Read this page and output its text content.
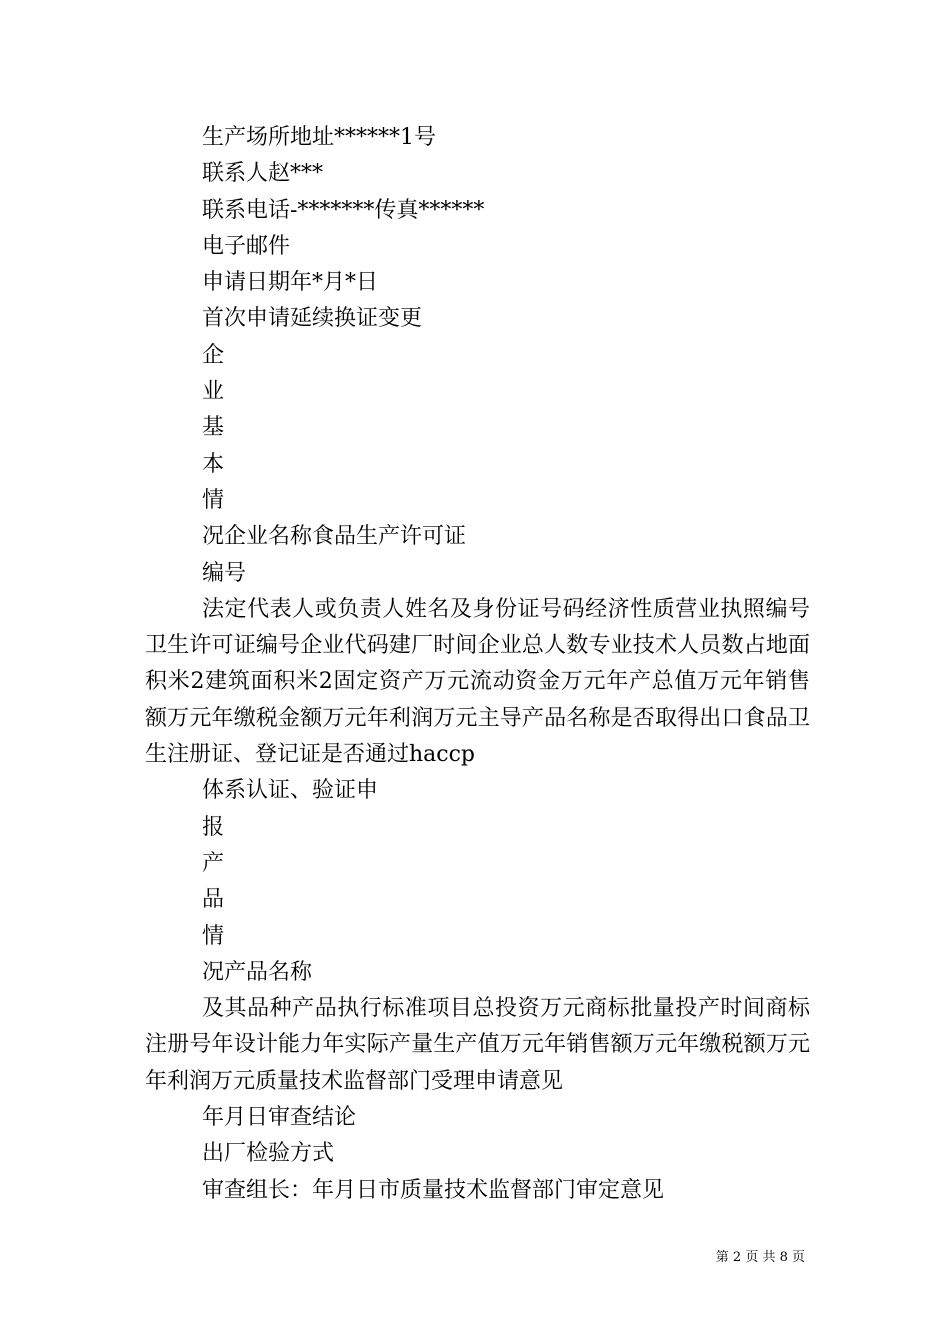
生产场所地址******1号
联系人赵***
联系电话-*******传真******
电子邮件
申请日期年*月*日
首次申请延续换证变更
企
业
基
本
情
况企业名称食品生产许可证
编号

法定代表人或负责人姓名及身份证号码经济性质营业执照编号卫生许可证编号企业代码建厂时间企业总人数专业技术人员数占地面积米2建筑面积米2固定资产万元流动资金万元年产总值万元年销售额万元年缴税金额万元年利润万元主导产品名称是否取得出口食品卫生注册证、登记证是否通过haccp

体系认证、验证申
报
产
品
情
况产品名称

及其品种产品执行标准项目总投资万元商标批量投产时间商标注册号年设计能力年实际产量生产值万元年销售额万元年缴税额万元年利润万元质量技术监督部门受理申请意见

年月日审查结论
出厂检验方式
审查组长：年月日市质量技术监督部门审定意见
第 2 页 共 8 页
